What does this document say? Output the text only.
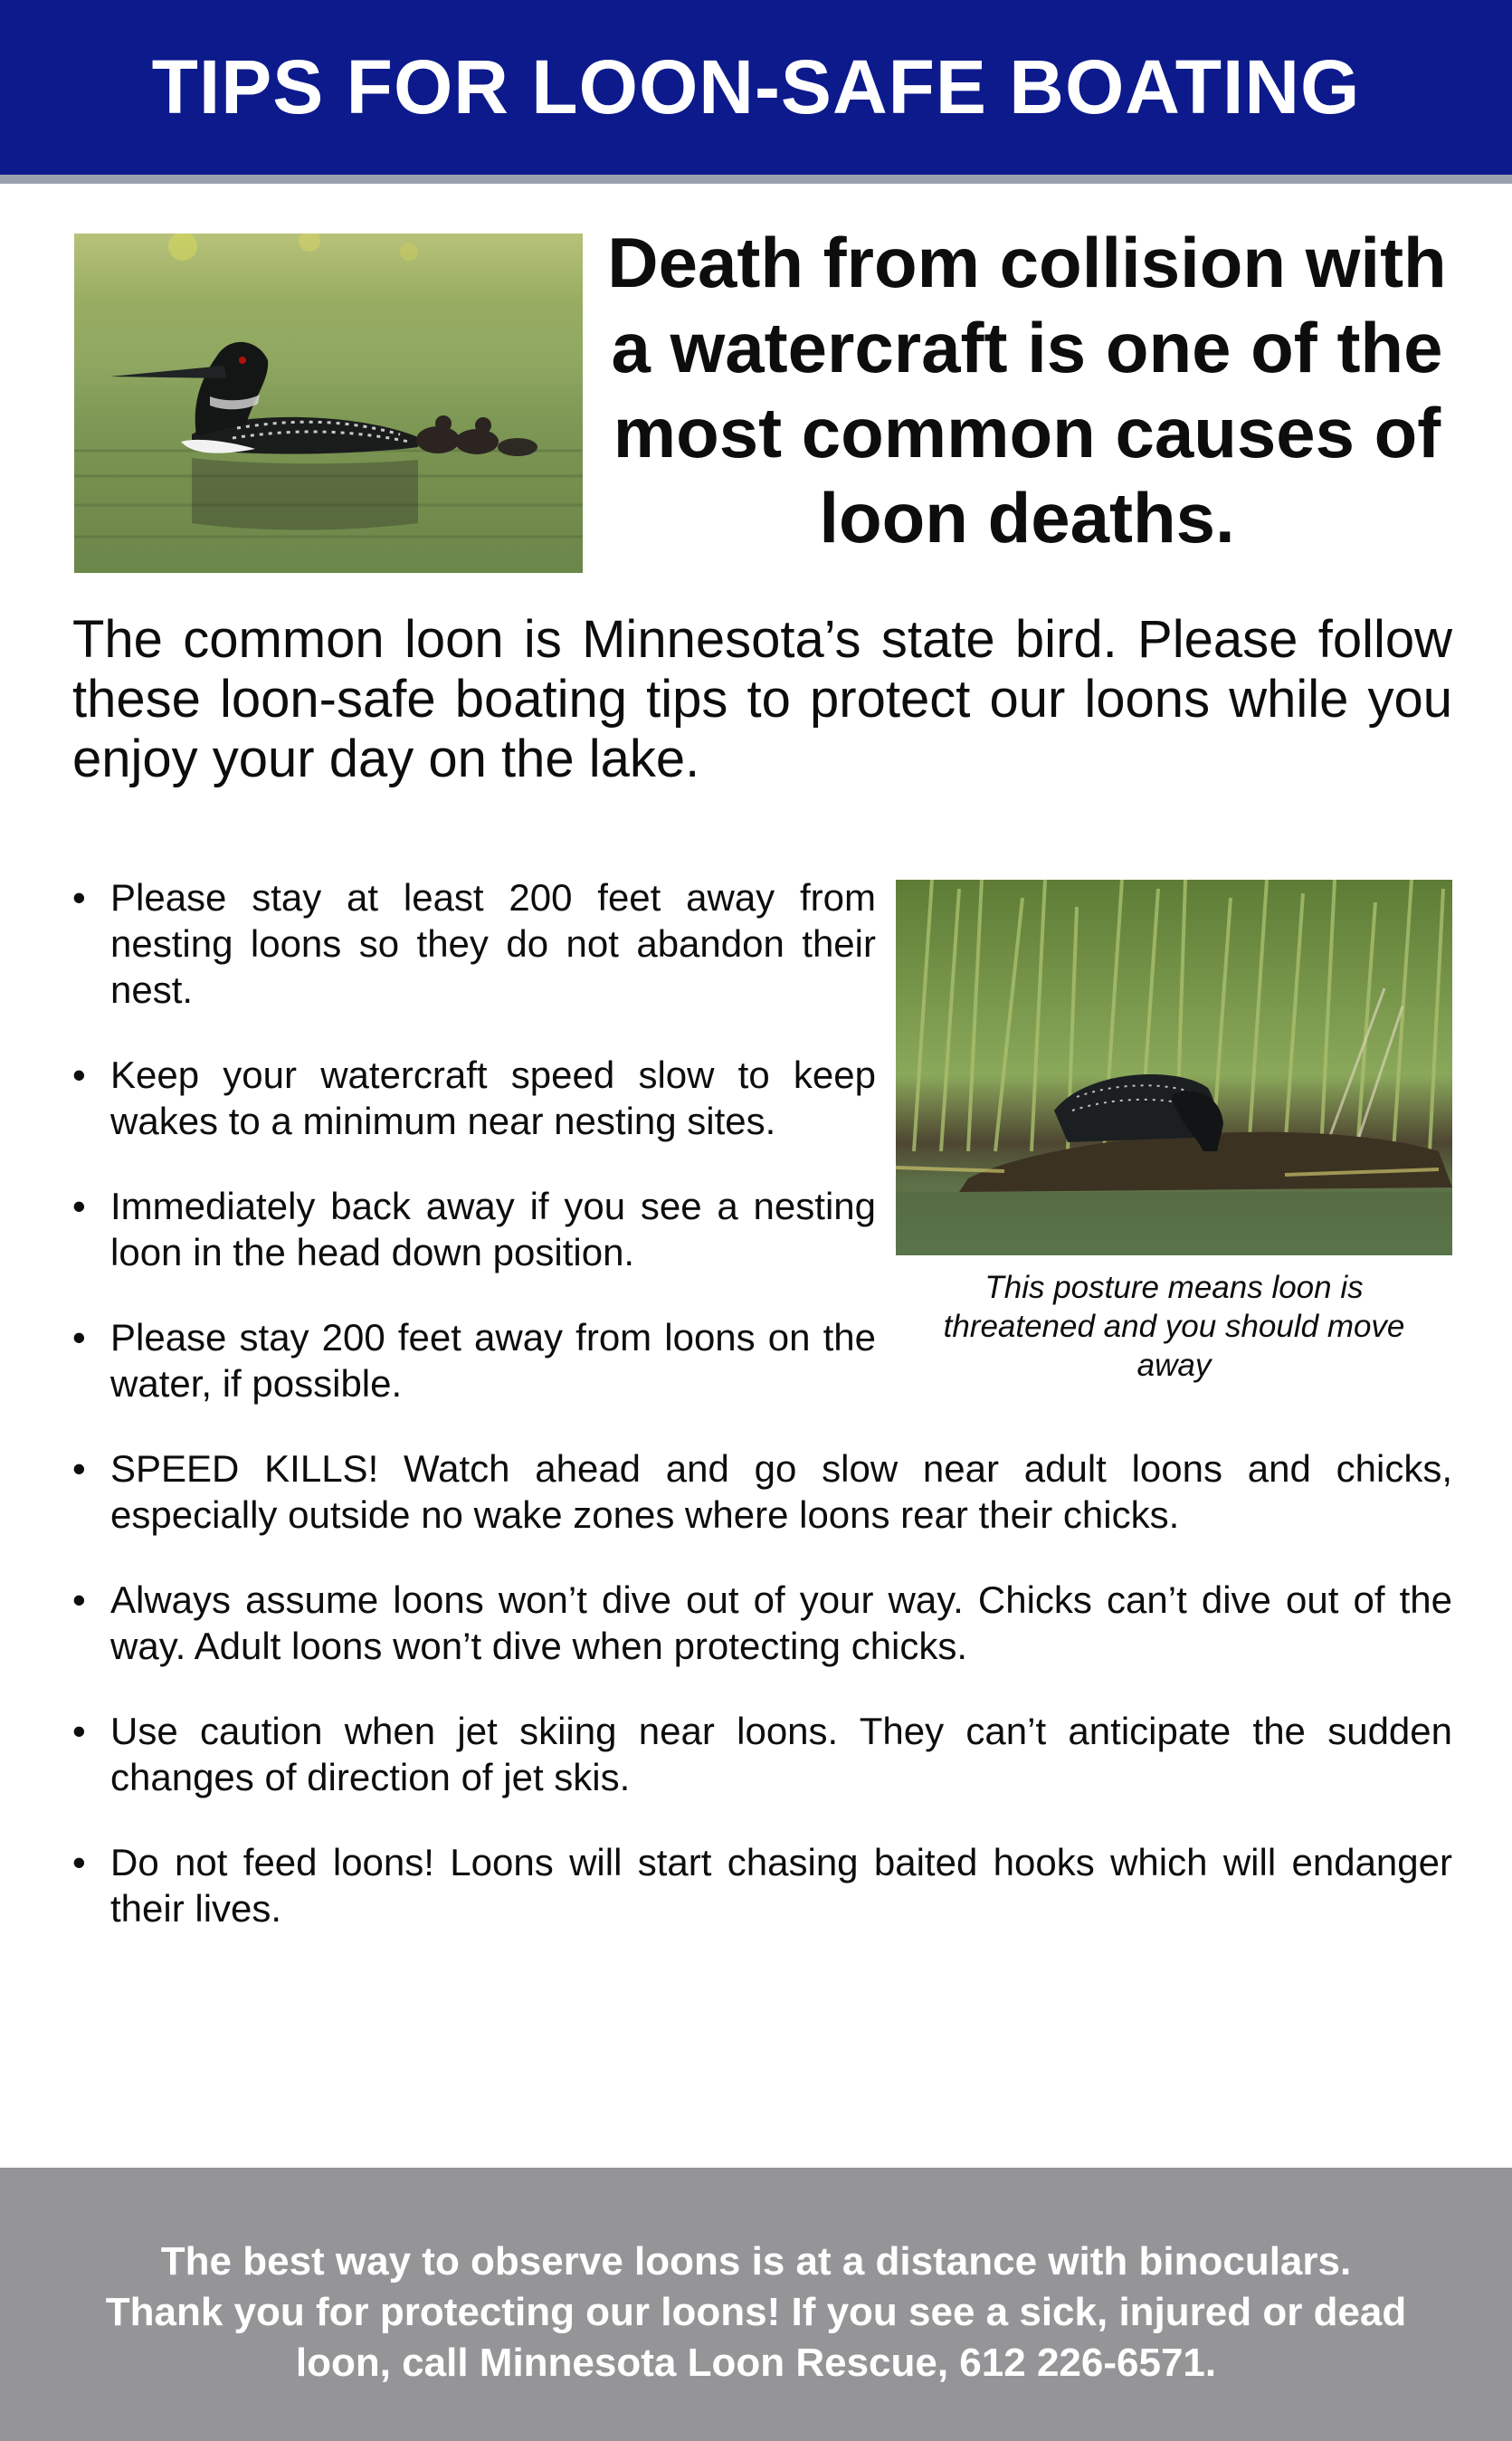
TIPS FOR LOON-SAFE BOATING
Death from collision with a watercraft is one of the most common causes of loon deaths.

The common loon is Minnesota’s state bird. Please follow these loon-safe boating tips to protect our loons while you enjoy your day on the lake.

• Please stay at least 200 feet away from nesting loons so they do not abandon their nest.
• Keep your watercraft speed slow to keep wakes to a minimum near nesting sites.
• Immediately back away if you see a nesting loon in the head down position.
• Please stay 200 feet away from loons on the water, if possible.
• SPEED KILLS! Watch ahead and go slow near adult loons and chicks, especially outside no wake zones where loons rear their chicks.
• Always assume loons won’t dive out of your way. Chicks can’t dive out of the way. Adult loons won’t dive when protecting chicks.
• Use caution when jet skiing near loons. They can’t anticipate the sudden changes of direction of jet skis.
• Do not feed loons! Loons will start chasing baited hooks which will endanger their lives.

This posture means loon is threatened and you should move away

The best way to observe loons is at a distance with binoculars. Thank you for protecting our loons! If you see a sick, injured or dead loon, call Minnesota Loon Rescue, 612 226-6571.
